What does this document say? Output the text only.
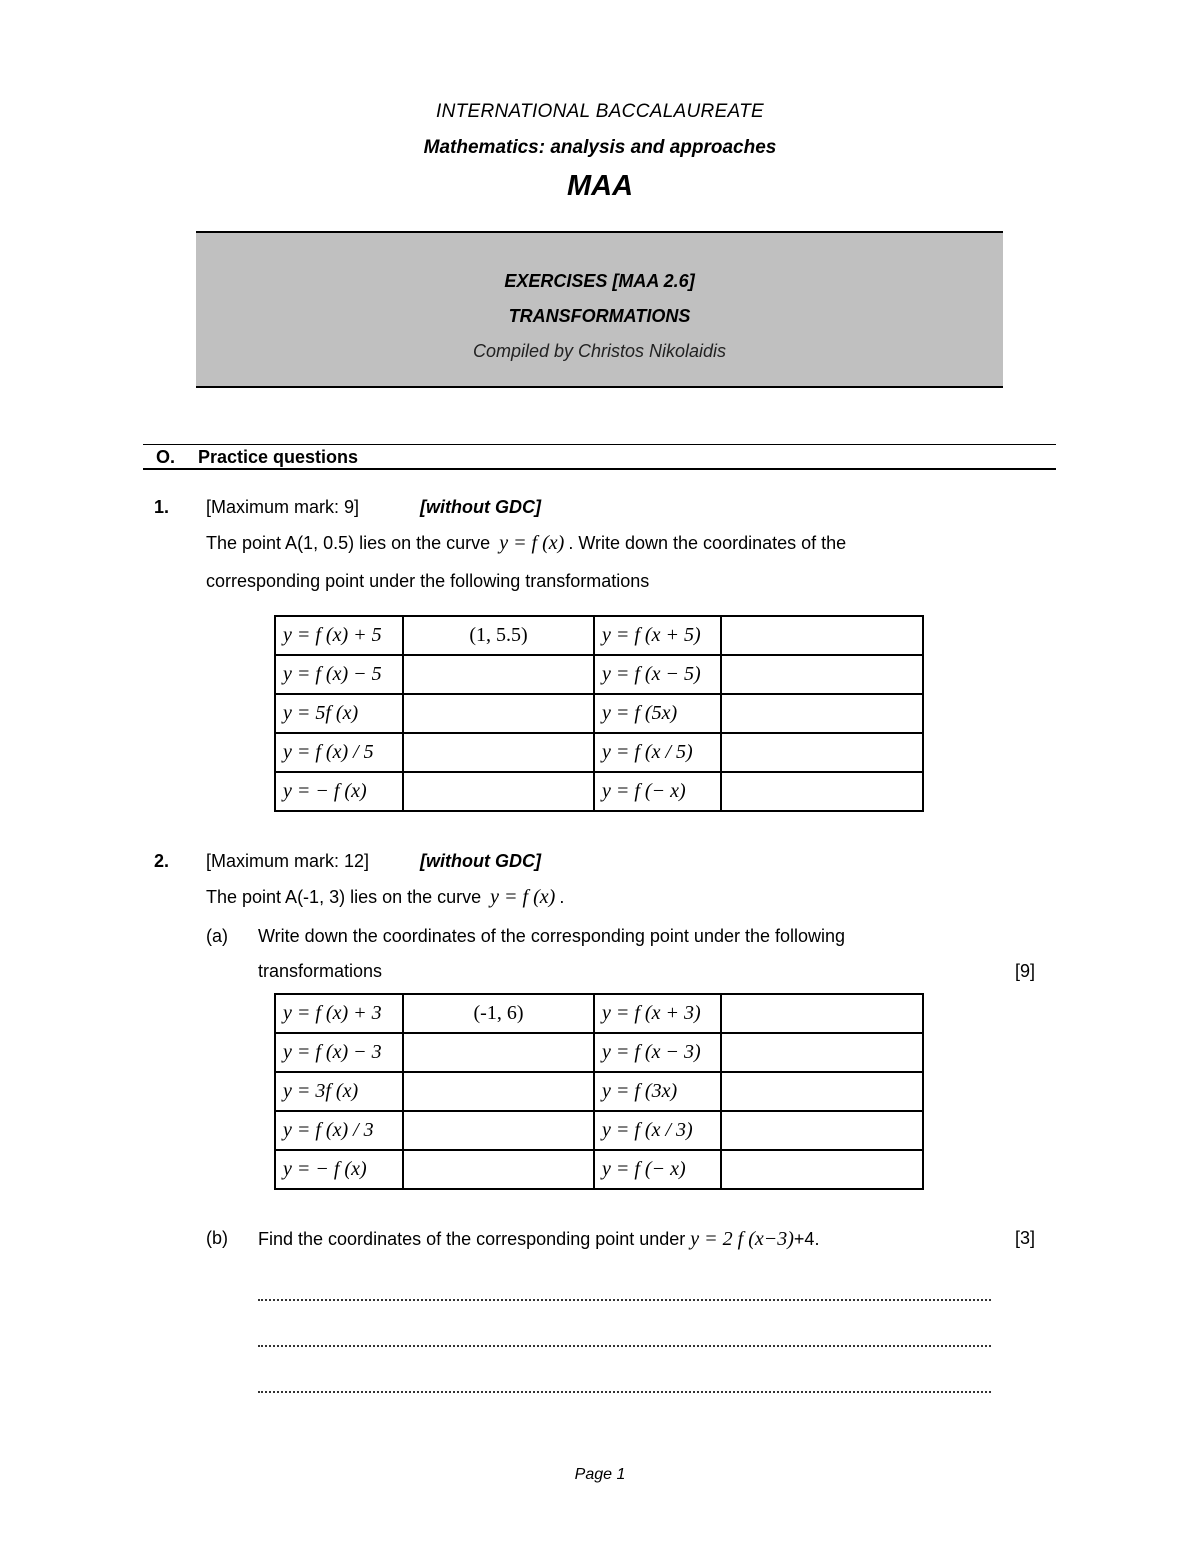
INTERNATIONAL BACCALAUREATE
Mathematics: analysis and approaches
MAA
EXERCISES [MAA 2.6]
TRANSFORMATIONS
Compiled by Christos Nikolaidis
O. Practice questions
1. [Maximum mark: 9]	[without GDC]
The point A(1, 0.5) lies on the curve y = f (x) . Write down the coordinates of the
corresponding point under the following transformations
y = f (x) + 5	(1, 5.5)	y = f (x + 5)	
y = f (x) − 5		y = f (x − 5)	
y = 5f (x)		y = f (5x)	
y = f (x) / 5		y = f (x / 5)	
y = − f (x)		y = f (− x)	
2. [Maximum mark: 12]	[without GDC]
The point A(-1, 3) lies on the curve y = f (x) .
(a) Write down the coordinates of the corresponding point under the following
transformations	[9]
y = f (x) + 3	(-1, 6)	y = f (x + 3)	
y = f (x) − 3		y = f (x − 3)	
y = 3f (x)		y = f (3x)	
y = f (x) / 3		y = f (x / 3)	
y = − f (x)		y = f (− x)	
(b) Find the coordinates of the corresponding point under y = 2 f (x−3)+4.	[3]
Page 1
